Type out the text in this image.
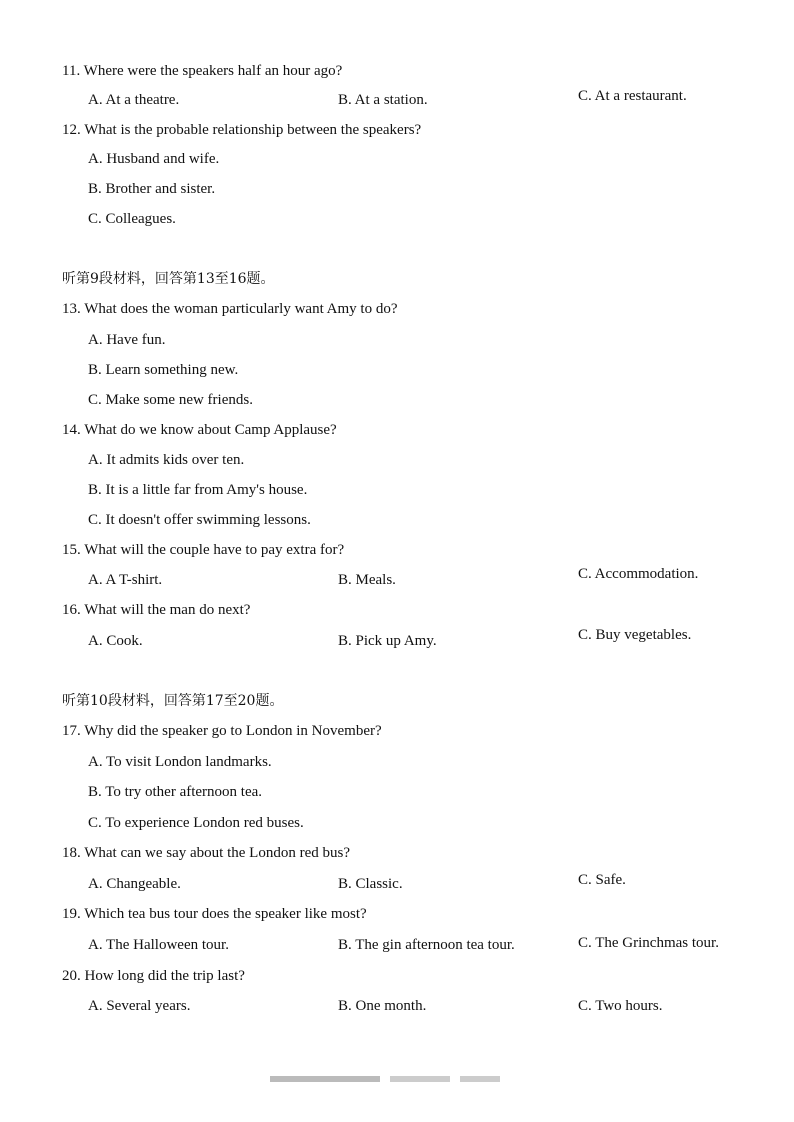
11. Where were the speakers half an hour ago?
A. At a theatre.	B. At a station.	C. At a restaurant.
12. What is the probable relationship between the speakers?
A. Husband and wife.
B. Brother and sister.
C. Colleagues.
听第9段材料，回答第13至16题。
13. What does the woman particularly want Amy to do?
A. Have fun.
B. Learn something new.
C. Make some new friends.
14. What do we know about Camp Applause?
A. It admits kids over ten.
B. It is a little far from Amy's house.
C. It doesn't offer swimming lessons.
15. What will the couple have to pay extra for?
A. A T-shirt.	B. Meals.	C. Accommodation.
16. What will the man do next?
A. Cook.	B. Pick up Amy.	C. Buy vegetables.
听第10段材料，回答第17至20题。
17. Why did the speaker go to London in November?
A. To visit London landmarks.
B. To try other afternoon tea.
C. To experience London red buses.
18. What can we say about the London red bus?
A. Changeable.	B. Classic.	C. Safe.
19. Which tea bus tour does the speaker like most?
A. The Halloween tour.	B. The gin afternoon tea tour.	C. The Grinchmas tour.
20. How long did the trip last?
A. Several years.	B. One month.	C. Two hours.
